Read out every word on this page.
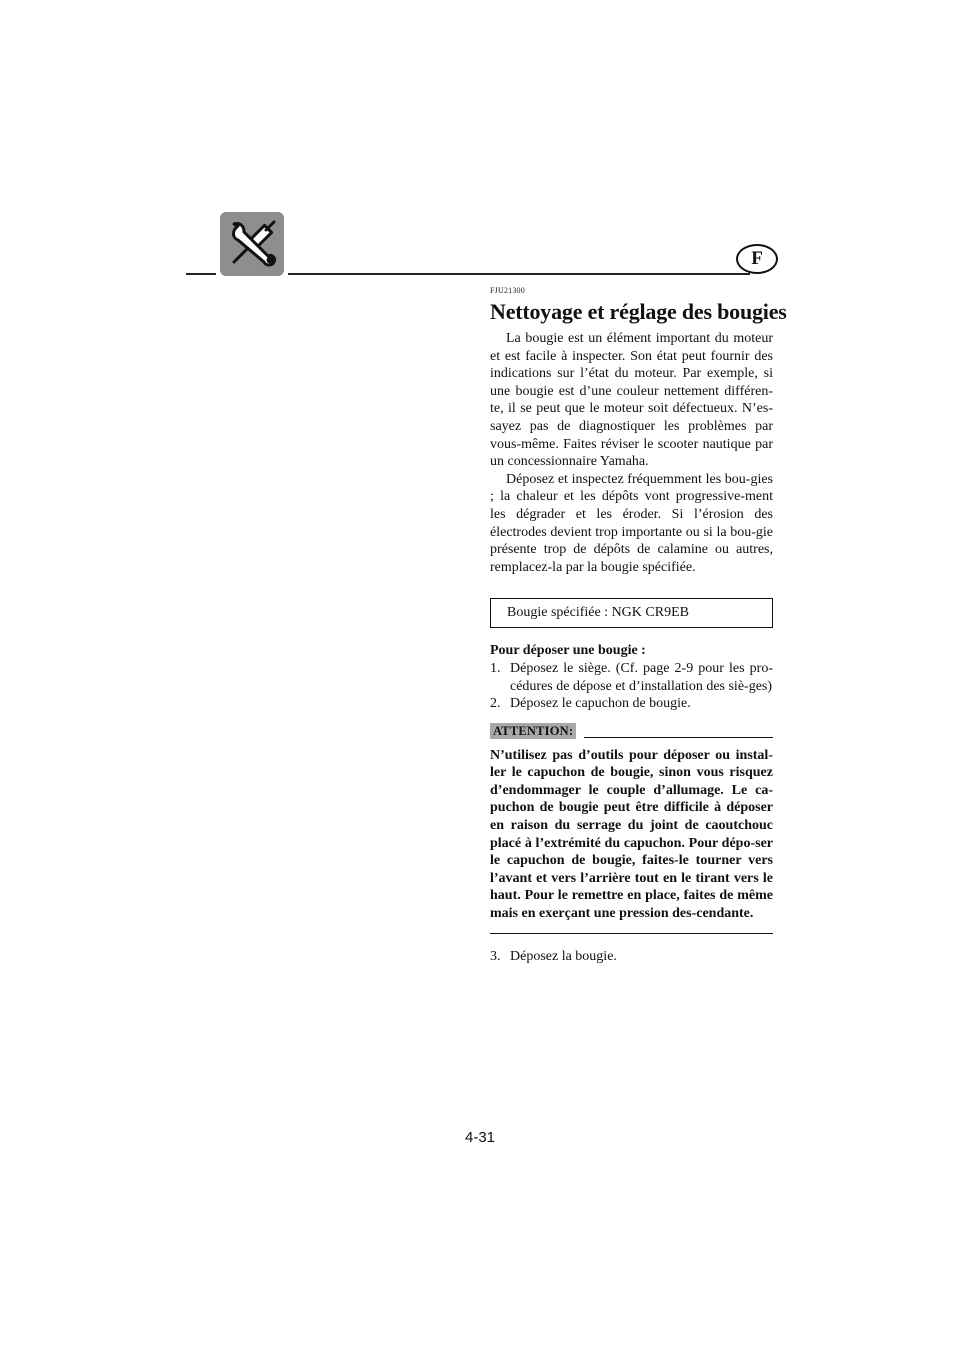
F
FJU21300
Nettoyage et réglage des bougies

La bougie est un élément important du moteur et est facile à inspecter. Son état peut fournir des indications sur l’état du moteur. Par exemple, si une bougie est d’une couleur nettement différen-te, il se peut que le moteur soit défectueux. N’es-sayez pas de diagnostiquer les problèmes par vous-même. Faites réviser le scooter nautique par un concessionnaire Yamaha.

Déposez et inspectez fréquemment les bou-gies ; la chaleur et les dépôts vont progressive-ment les dégrader et les éroder. Si l’érosion des électrodes devient trop importante ou si la bou-gie présente trop de dépôts de calamine ou autres, remplacez-la par la bougie spécifiée.

Bougie spécifiée : NGK CR9EB
Pour déposer une bougie :
1. Déposez le siège. (Cf. page 2-9 pour les pro-cédures de dépose et d’installation des siè-ges)
2. Déposez le capuchon de bougie.
ATTENTION:

N’utilisez pas d’outils pour déposer ou instal-ler le capuchon de bougie, sinon vous risquez d’endommager le couple d’allumage. Le ca-puchon de bougie peut être difficile à déposer en raison du serrage du joint de caoutchouc placé à l’extrémité du capuchon. Pour dépo-ser le capuchon de bougie, faites-le tourner vers l’avant et vers l’arrière tout en le tirant vers le haut. Pour le remettre en place, faites de même mais en exerçant une pression des-cendante.

3. Déposez la bougie.
4-31
